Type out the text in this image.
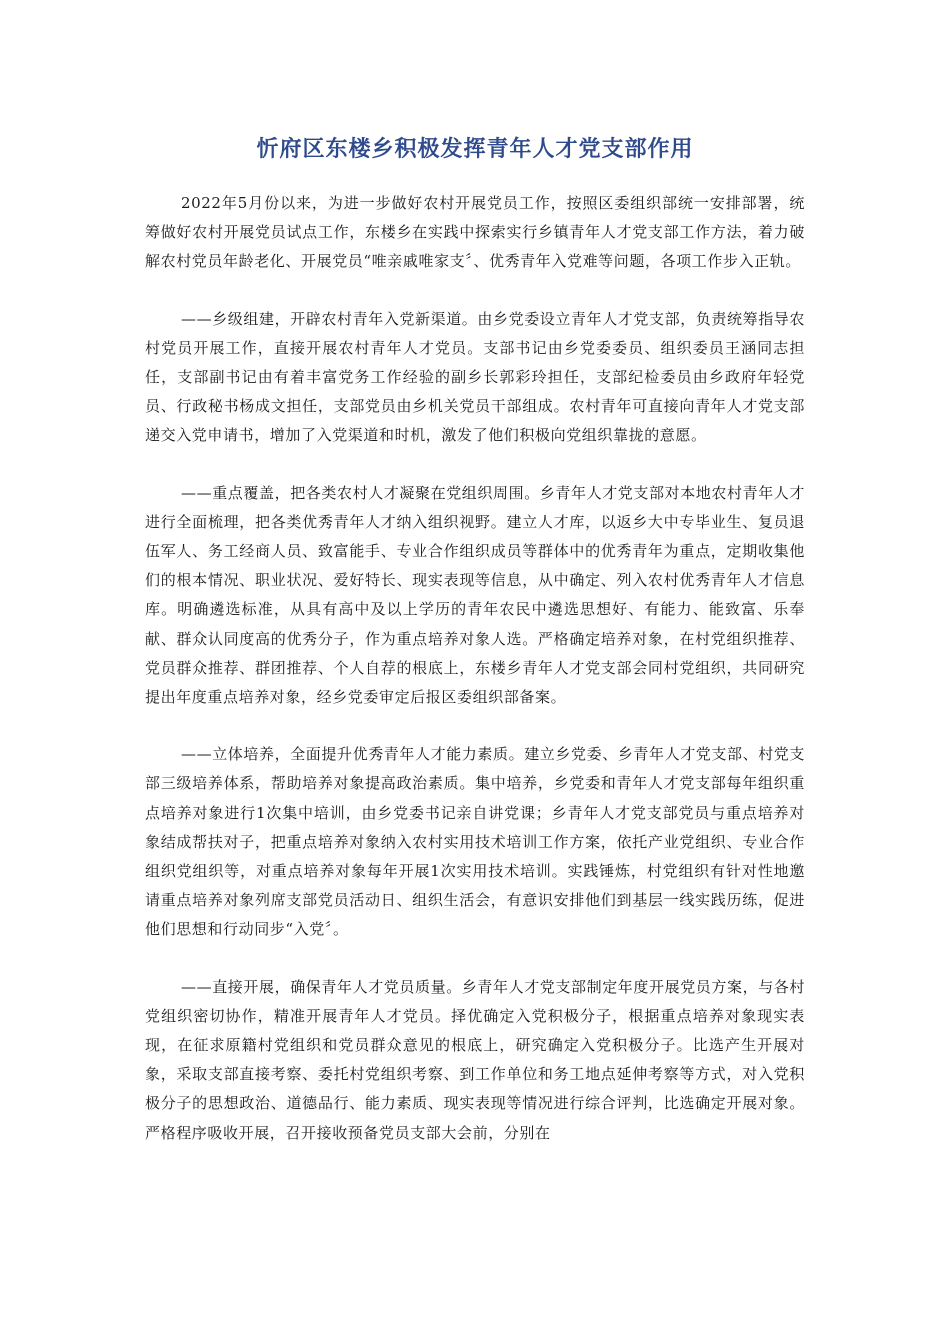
忻府区东楼乡积极发挥青年人才党支部作用

2022年5月份以来，为进一步做好农村开展党员工作，按照区委组织部统一安排部署，统筹做好农村开展党员试点工作，东楼乡在实践中探索实行乡镇青年人才党支部工作方法，着力破解农村党员年龄老化、开展党员“唯亲戚唯家支〞、优秀青年入党难等问题，各项工作步入正轨。

——乡级组建，开辟农村青年入党新渠道。由乡党委设立青年人才党支部，负责统筹指导农村党员开展工作，直接开展农村青年人才党员。支部书记由乡党委委员、组织委员王涵同志担任，支部副书记由有着丰富党务工作经验的副乡长郭彩玲担任，支部纪检委员由乡政府年轻党员、行政秘书杨成文担任，支部党员由乡机关党员干部组成。农村青年可直接向青年人才党支部递交入党申请书，增加了入党渠道和时机，激发了他们积极向党组织靠拢的意愿。

——重点覆盖，把各类农村人才凝聚在党组织周围。乡青年人才党支部对本地农村青年人才进行全面梳理，把各类优秀青年人才纳入组织视野。建立人才库，以返乡大中专毕业生、复员退伍军人、务工经商人员、致富能手、专业合作组织成员等群体中的优秀青年为重点，定期收集他们的根本情况、职业状况、爱好特长、现实表现等信息，从中确定、列入农村优秀青年人才信息库。明确遴选标准，从具有高中及以上学历的青年农民中遴选思想好、有能力、能致富、乐奉献、群众认同度高的优秀分子，作为重点培养对象人选。严格确定培养对象，在村党组织推荐、党员群众推荐、群团推荐、个人自荐的根底上，东楼乡青年人才党支部会同村党组织，共同研究提出年度重点培养对象，经乡党委审定后报区委组织部备案。

——立体培养，全面提升优秀青年人才能力素质。建立乡党委、乡青年人才党支部、村党支部三级培养体系，帮助培养对象提高政治素质。集中培养，乡党委和青年人才党支部每年组织重点培养对象进行1次集中培训，由乡党委书记亲自讲党课；乡青年人才党支部党员与重点培养对象结成帮扶对子，把重点培养对象纳入农村实用技术培训工作方案，依托产业党组织、专业合作组织党组织等，对重点培养对象每年开展1次实用技术培训。实践锤炼，村党组织有针对性地邀请重点培养对象列席支部党员活动日、组织生活会，有意识安排他们到基层一线实践历练，促进他们思想和行动同步“入党〞。

——直接开展，确保青年人才党员质量。乡青年人才党支部制定年度开展党员方案，与各村党组织密切协作，精准开展青年人才党员。择优确定入党积极分子，根据重点培养对象现实表现，在征求原籍村党组织和党员群众意见的根底上，研究确定入党积极分子。比选产生开展对象，采取支部直接考察、委托村党组织考察、到工作单位和务工地点延伸考察等方式，对入党积极分子的思想政治、道德品行、能力素质、现实表现等情况进行综合评判，比选确定开展对象。严格程序吸收开展，召开接收预备党员支部大会前，分别在
